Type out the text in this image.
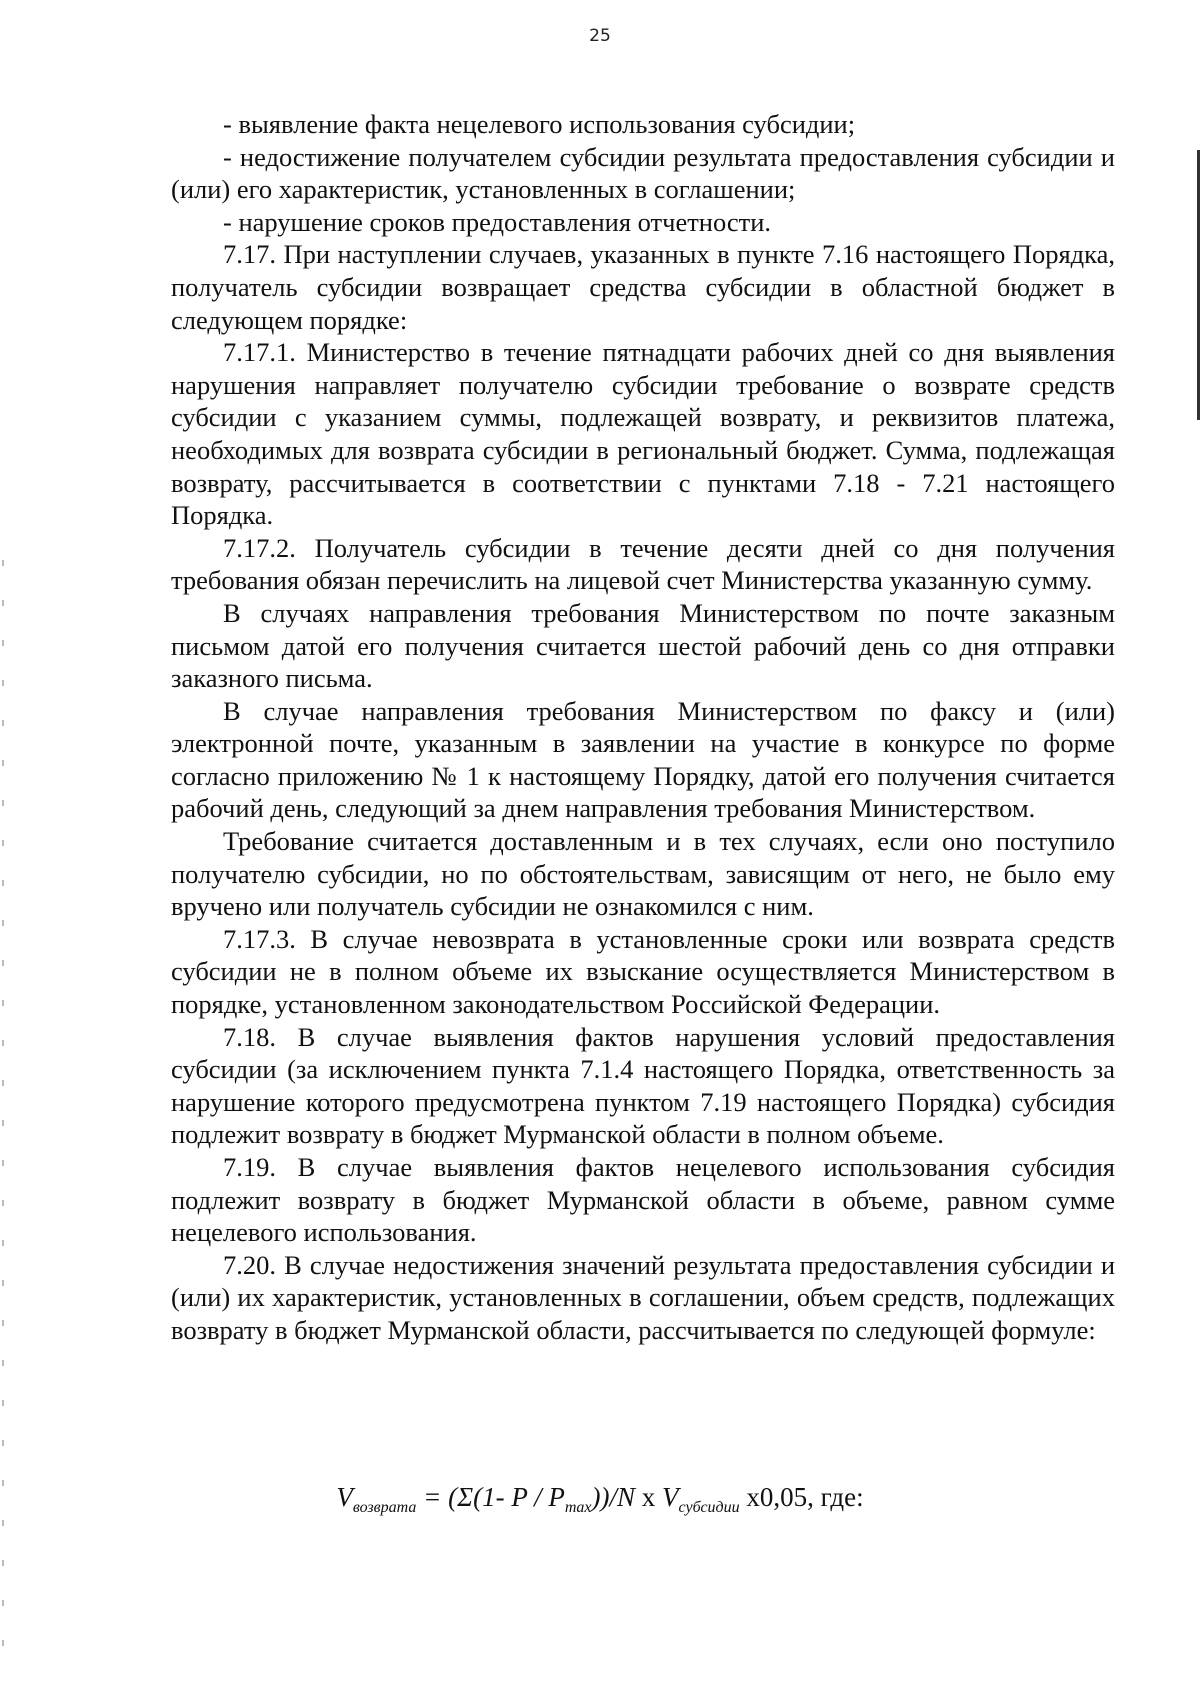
25

- выявление факта нецелевого использования субсидии;

- недостижение получателем субсидии результата предоставления субсидии и (или) его характеристик, установленных в соглашении;

- нарушение сроков предоставления отчетности.

7.17. При наступлении случаев, указанных в пункте 7.16 настоящего Порядка, получатель субсидии возвращает средства субсидии в областной бюджет в следующем порядке:

7.17.1. Министерство в течение пятнадцати рабочих дней со дня выявления нарушения направляет получателю субсидии требование о возврате средств субсидии с указанием суммы, подлежащей возврату, и реквизитов платежа, необходимых для возврата субсидии в региональный бюджет. Сумма, подлежащая возврату, рассчитывается в соответствии с пунктами 7.18 - 7.21 настоящего Порядка.

7.17.2. Получатель субсидии в течение десяти дней со дня получения требования обязан перечислить на лицевой счет Министерства указанную сумму.

В случаях направления требования Министерством по почте заказным письмом датой его получения считается шестой рабочий день со дня отправки заказного письма.

В случае направления требования Министерством по факсу и (или) электронной почте, указанным в заявлении на участие в конкурсе по форме согласно приложению № 1 к настоящему Порядку, датой его получения считается рабочий день, следующий за днем направления требования Министерством.

Требование считается доставленным и в тех случаях, если оно поступило получателю субсидии, но по обстоятельствам, зависящим от него, не было ему вручено или получатель субсидии не ознакомился с ним.

7.17.3. В случае невозврата в установленные сроки или возврата средств субсидии не в полном объеме их взыскание осуществляется Министерством в порядке, установленном законодательством Российской Федерации.

7.18. В случае выявления фактов нарушения условий предоставления субсидии (за исключением пункта 7.1.4 настоящего Порядка, ответственность за нарушение которого предусмотрена пунктом 7.19 настоящего Порядка) субсидия подлежит возврату в бюджет Мурманской области в полном объеме.

7.19. В случае выявления фактов нецелевого использования субсидия подлежит возврату в бюджет Мурманской области в объеме, равном сумме нецелевого использования.

7.20. В случае недостижения значений результата предоставления субсидии и (или) их характеристик, установленных в соглашении, объем средств, подлежащих возврату в бюджет Мурманской области, рассчитывается по следующей формуле:

$V_{возврата} = (\Sigma(1-$ P / $P_{max}))/N$ x $V_{субсидии}$ x0,05, где:
